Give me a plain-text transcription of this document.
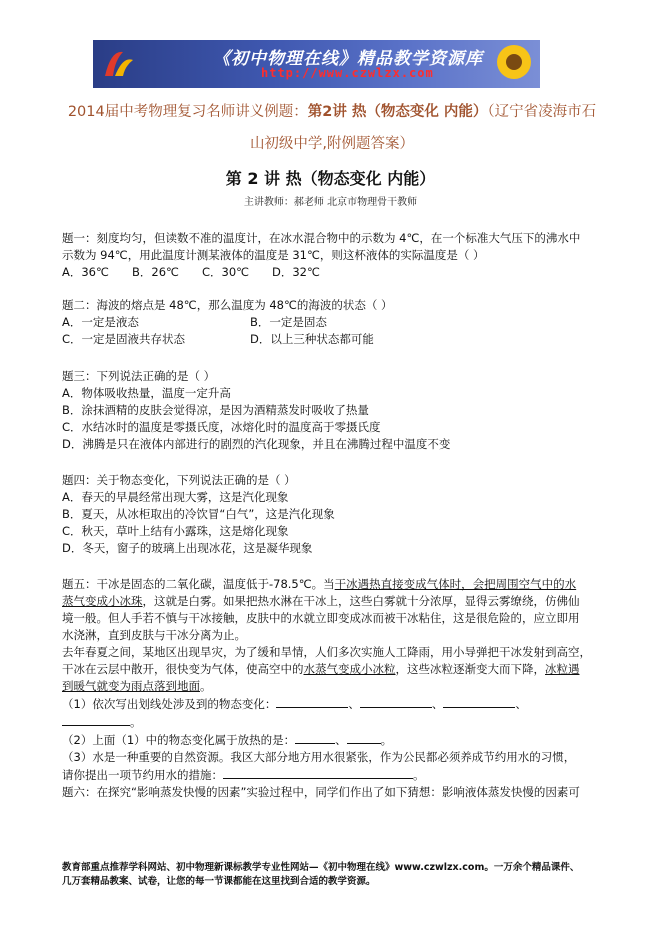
《初中物理在线》精品教学资源库
http://www.czwlzx.com
2014届中考物理复习名师讲义例题：第2讲 热（物态变化 内能）（辽宁省凌海市石山初级中学,附例题答案）
第 2 讲 热（物态变化 内能）
主讲教师：郝老师 北京市物理骨干教师

题一：刻度均匀，但读数不准的温度计，在冰水混合物中的示数为 4℃，在一个标准大气压下的沸水中

示数为 94℃，用此温度计测某液体的温度是 31℃，则这杯液体的实际温度是（ ）

A．36℃	B．26℃	C．30℃	D．32℃

题二：海波的熔点是 48℃，那么温度为 48℃的海波的状态（ ）

A．一定是液态	B．一定是固态
C．一定是固液共存状态	D．以上三种状态都可能

题三：下列说法正确的是（ ）

A．物体吸收热量，温度一定升高

B．涂抹酒精的皮肤会觉得凉，是因为酒精蒸发时吸收了热量

C．水结冰时的温度是零摄氏度，冰熔化时的温度高于零摄氏度

D．沸腾是只在液体内部进行的剧烈的汽化现象，并且在沸腾过程中温度不变

题四：关于物态变化，下列说法正确的是（ ）

A．春天的早晨经常出现大雾，这是汽化现象

B．夏天，从冰柜取出的冷饮冒“白气”，这是汽化现象

C．秋天，草叶上结有小露珠，这是熔化现象

D．冬天，窗子的玻璃上出现冰花，这是凝华现象

题五：干冰是固态的二氧化碳，温度低于-78.5℃。当干冰遇热直接变成气体时，会把周围空气中的水

蒸气变成小冰珠，这就是白雾。如果把热水淋在干冰上，这些白雾就十分浓厚，显得云雾缭绕，仿佛仙

境一般。但人手若不慎与干冰接触，皮肤中的水就立即变成冰而被干冰粘住，这是很危险的，应立即用

水浇淋，直到皮肤与干冰分离为止。

去年春夏之间，某地区出现旱灾，为了缓和旱情，人们多次实施人工降雨，用小导弹把干冰发射到高空，

干冰在云层中散开，很快变为气体，使高空中的水蒸气变成小冰粒，这些冰粒逐渐变大而下降，冰粒遇

到暖气就变为雨点落到地面。

（1）依次写出划线处涉及到的物态变化：	、	、	、。

（2）上面（1）中的物态变化属于放热的是：	、	。

（3）水是一种重要的自然资源。我区大部分地方用水很紧张，作为公民都必须养成节约用水的习惯，

请你提出一项节约用水的措施：	。

题六：在探究“影响蒸发快慢的因素”实验过程中，同学们作出了如下猜想：影响液体蒸发快慢的因素可

教育部重点推荐学科网站、初中物理新课标教学专业性网站—《初中物理在线》www.czwlzx.com。一万余个精品课件、
几万套精品教案、试卷，让您的每一节课都能在这里找到合适的教学资源。
